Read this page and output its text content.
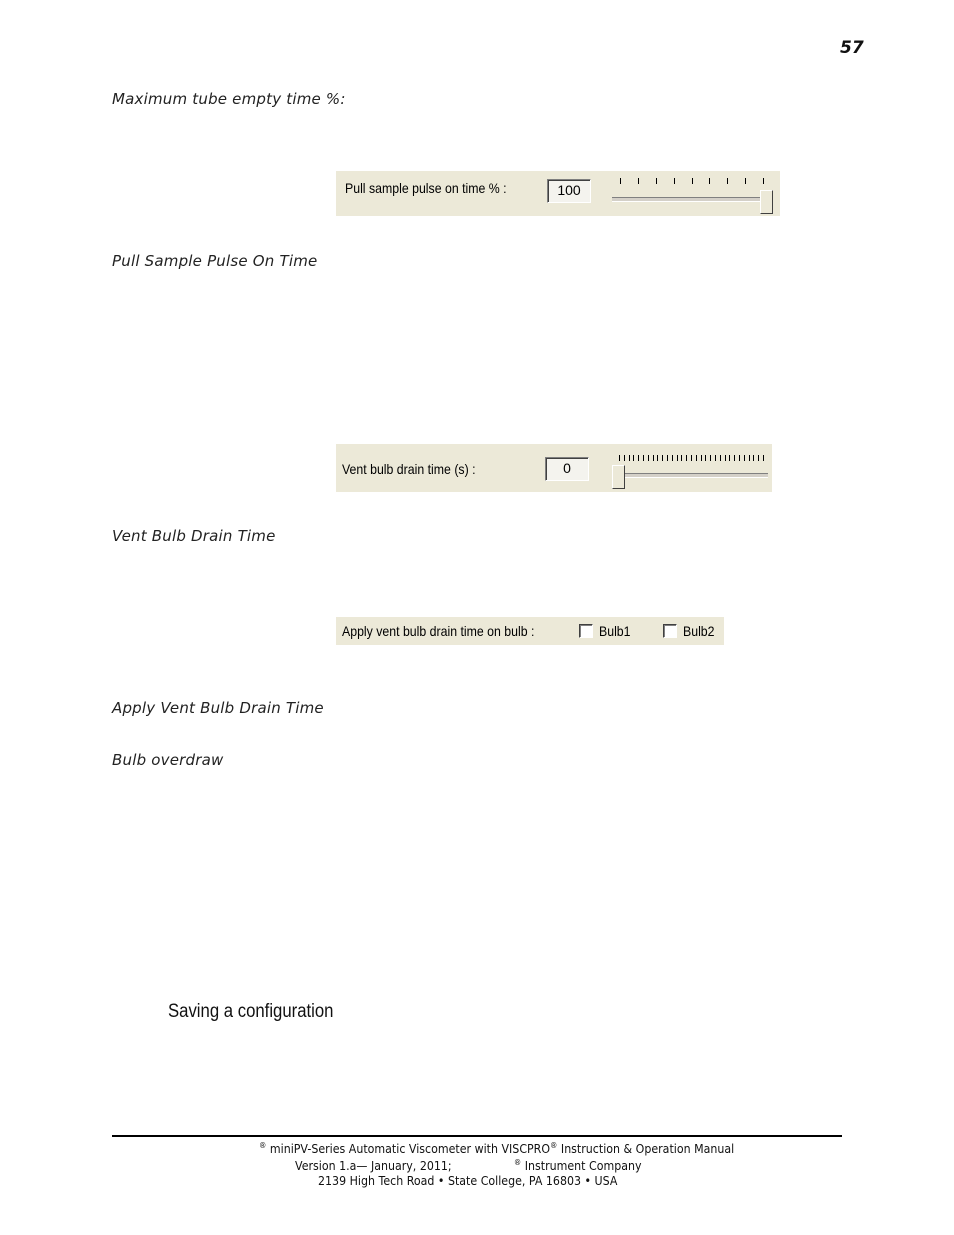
57
Maximum tube empty time %:
Pull sample pulse on time % :	100
Pull Sample Pulse On Time
Vent bulb drain time (s) :	0
Vent Bulb Drain Time
Apply vent bulb drain time on bulb :	Bulb1	Bulb2
Apply Vent Bulb Drain Time
Bulb overdraw
Saving a configuration
® miniPV-Series Automatic Viscometer with VISCPRO® Instruction & Operation Manual
Version 1.a— January, 2011;	® Instrument Company
2139 High Tech Road • State College, PA 16803 • USA
